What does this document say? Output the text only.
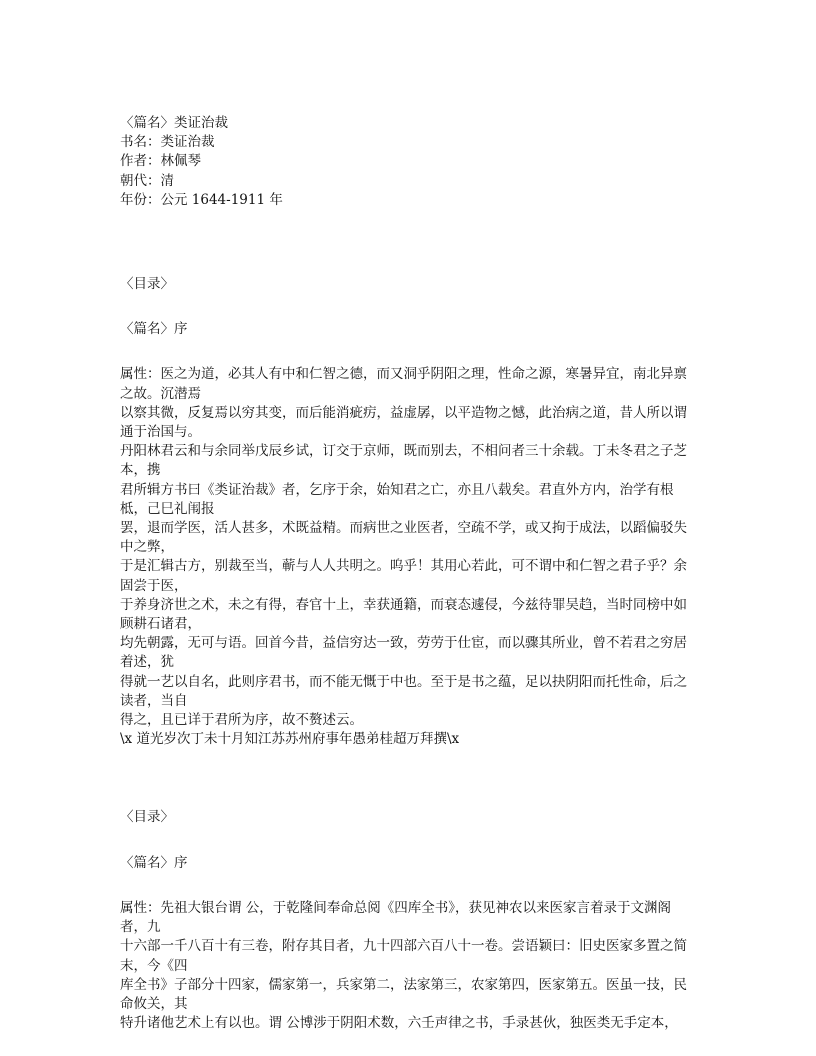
〈篇名〉类证治裁
书名：类证治裁
作者：林佩琴
朝代：清
年份：公元 1644-1911 年
〈目录〉
〈篇名〉序
属性：医之为道，必其人有中和仁智之德，而又洞乎阴阳之理，性命之源，寒暑异宜，南北异禀之故。沉潜焉
以察其微，反复焉以穷其变，而后能消疵疠，益虚孱，以平造物之憾，此治病之道，昔人所以谓通于治国与。
丹阳林君云和与余同举戊辰乡试，订交于京师，既而别去，不相问者三十余载。丁未冬君之子芝本，携
君所辑方书曰《类证治裁》者，乞序于余，始知君之亡，亦且八载矣。君直外方内，治学有根柢，己巳礼闱报
罢，退而学医，活人甚多，术既益精。而病世之业医者，空疏不学，或又拘于成法，以蹈偏驳失中之弊，
于是汇辑古方，别裁至当，蕲与人人共明之。呜乎！其用心若此，可不谓中和仁智之君子乎？余固尝于医，
于养身济世之术，未之有得，春官十上，幸获通籍，而衰态遽侵，今兹待罪吴趋，当时同榜中如顾耕石诸君，
均先朝露，无可与语。回首今昔，益信穷达一致，劳劳于仕宦，而以骤其所业，曾不若君之穷居着述，犹
得就一艺以自名，此则序君书，而不能无慨于中也。至于是书之蕴，足以抉阴阳而托性命，后之读者，当自
得之，且已详于君所为序，故不赘述云。
\x 道光岁次丁未十月知江苏苏州府事年愚弟桂超万拜撰\x
〈目录〉
〈篇名〉序
属性：先祖大银台谓 公，于乾隆间奉命总阅《四库全书》，获见神农以来医家言着录于文渊阁者，九
十六部一千八百十有三卷，附存其目者，九十四部六百八十一卷。尝语颖曰：旧史医家多置之简末，今《四
库全书》子部分十四家，儒家第一，兵家第二，法家第三，农家第四，医家第五。医虽一技，民命攸关，其
特升诸他艺术上有以也。谓 公博涉于阴阳术数，六壬声律之书，手录甚伙，独医类无手定本，
